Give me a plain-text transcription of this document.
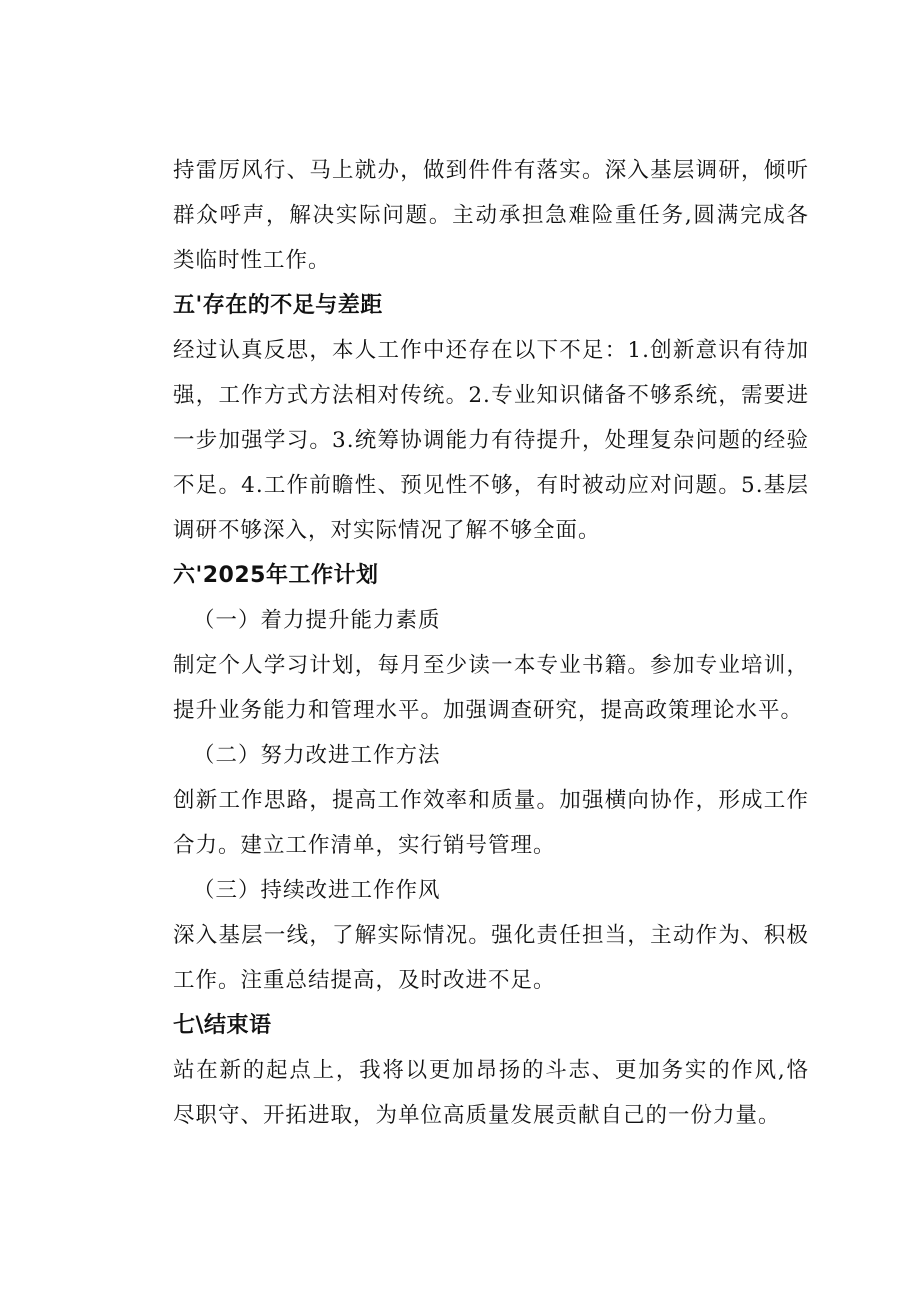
持雷厉风行、马上就办，做到件件有落实。深入基层调研，倾听群众呼声，解决实际问题。主动承担急难险重任务,圆满完成各类临时性工作。

五'存在的不足与差距

经过认真反思，本人工作中还存在以下不足：1.创新意识有待加强，工作方式方法相对传统。2.专业知识储备不够系统，需要进一步加强学习。3.统筹协调能力有待提升，处理复杂问题的经验不足。4.工作前瞻性、预见性不够，有时被动应对问题。5.基层调研不够深入，对实际情况了解不够全面。

六'2025年工作计划

（一）着力提升能力素质

制定个人学习计划，每月至少读一本专业书籍。参加专业培训，提升业务能力和管理水平。加强调查研究，提高政策理论水平。

（二）努力改进工作方法

创新工作思路，提高工作效率和质量。加强横向协作，形成工作合力。建立工作清单，实行销号管理。

（三）持续改进工作作风

深入基层一线，了解实际情况。强化责任担当，主动作为、积极工作。注重总结提高，及时改进不足。

七\结束语

站在新的起点上，我将以更加昂扬的斗志、更加务实的作风,恪尽职守、开拓进取，为单位高质量发展贡献自己的一份力量。
